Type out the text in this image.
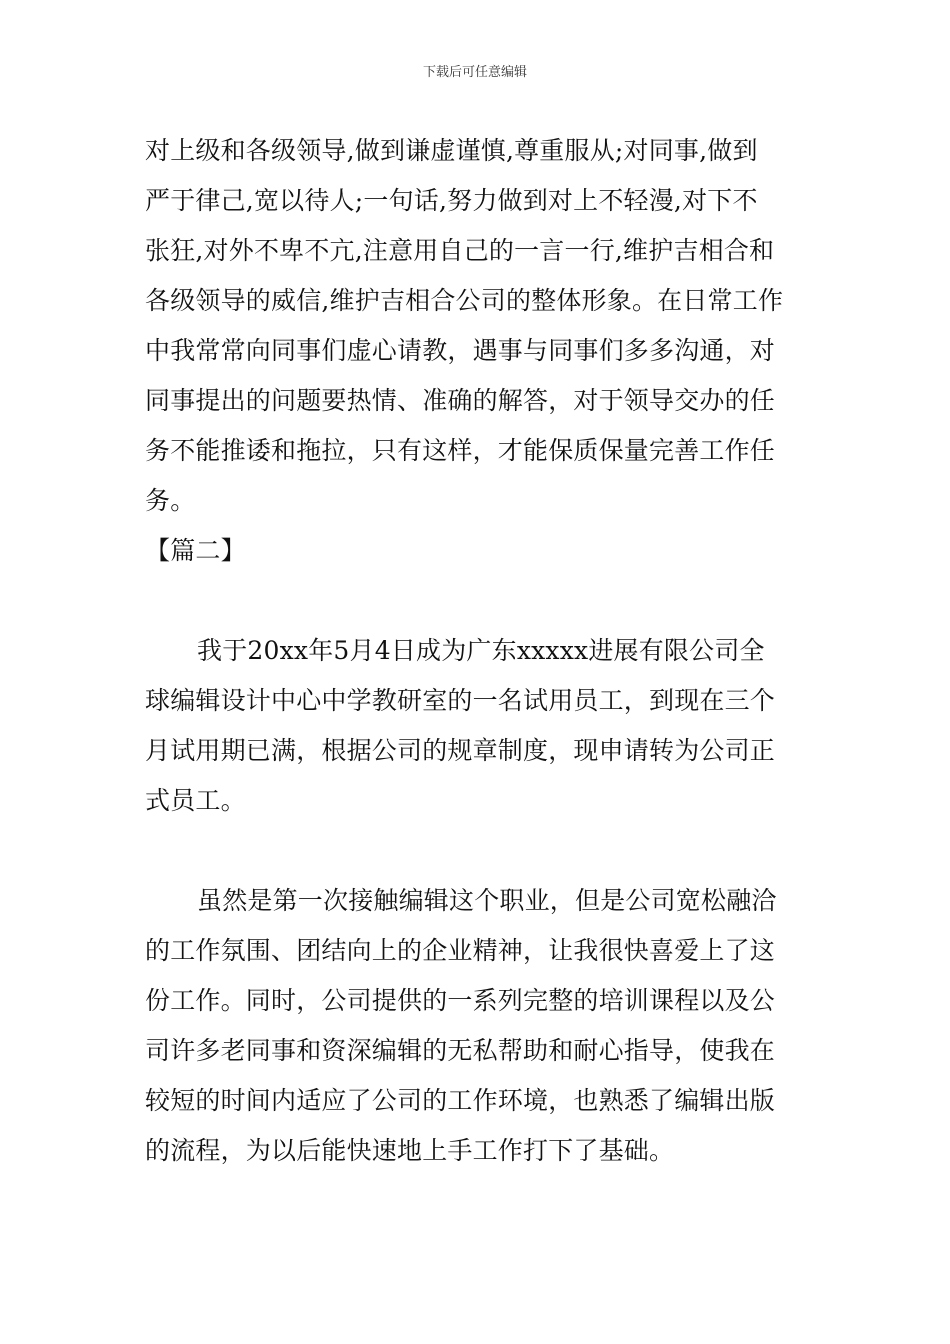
下载后可任意编辑
对上级和各级领导,做到谦虚谨慎,尊重服从;对同事,做到
严于律己,宽以待人;一句话,努力做到对上不轻漫,对下不
张狂,对外不卑不亢,注意用自己的一言一行,维护吉相合和
各级领导的威信,维护吉相合公司的整体形象。在日常工作
中我常常向同事们虚心请教，遇事与同事们多多沟通，对
同事提出的问题要热情、准确的解答，对于领导交办的任
务不能推诿和拖拉，只有这样，才能保质保量完善工作任
务。
【篇二】
我于20xx年5月4日成为广东xxxxx进展有限公司全
球编辑设计中心中学教研室的一名试用员工，到现在三个
月试用期已满，根据公司的规章制度，现申请转为公司正
式员工。
虽然是第一次接触编辑这个职业，但是公司宽松融洽
的工作氛围、团结向上的企业精神，让我很快喜爱上了这
份工作。同时，公司提供的一系列完整的培训课程以及公
司许多老同事和资深编辑的无私帮助和耐心指导，使我在
较短的时间内适应了公司的工作环境，也熟悉了编辑出版
的流程，为以后能快速地上手工作打下了基础。
